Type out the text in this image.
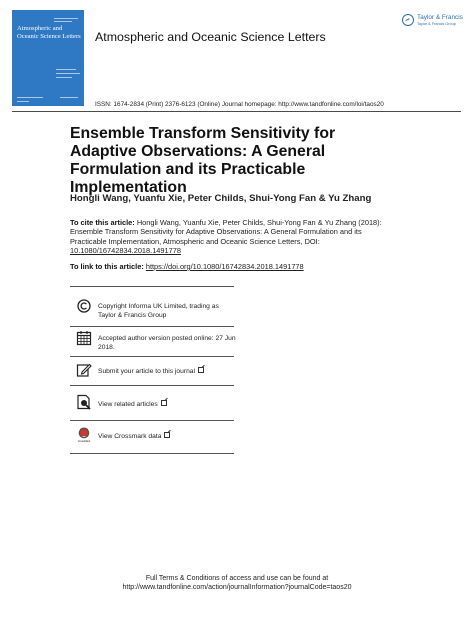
Atmospheric and Oceanic Science Letters
Taylor & Francis
Taylor & Francis Group
Atmospheric and Oceanic Science Letters
ISSN: 1674-2834 (Print) 2376-6123 (Online) Journal homepage: http://www.tandfonline.com/loi/taos20
Ensemble Transform Sensitivity for Adaptive Observations: A General Formulation and its Practicable Implementation
Hongli Wang, Yuanfu Xie, Peter Childs, Shui-Yong Fan & Yu Zhang
To cite this article: Hongli Wang, Yuanfu Xie, Peter Childs, Shui-Yong Fan & Yu Zhang (2018): Ensemble Transform Sensitivity for Adaptive Observations: A General Formulation and its Practicable Implementation, Atmospheric and Oceanic Science Letters, DOI: 10.1080/16742834.2018.1491778
To link to this article: https://doi.org/10.1080/16742834.2018.1491778
Copyright Informa UK Limited, trading as Taylor & Francis Group
Accepted author version posted online: 27 Jun 2018.
Submit your article to this journal
View related articles
CrossMark
View Crossmark data
Full Terms & Conditions of access and use can be found at
http://www.tandfonline.com/action/journalInformation?journalCode=taos20
